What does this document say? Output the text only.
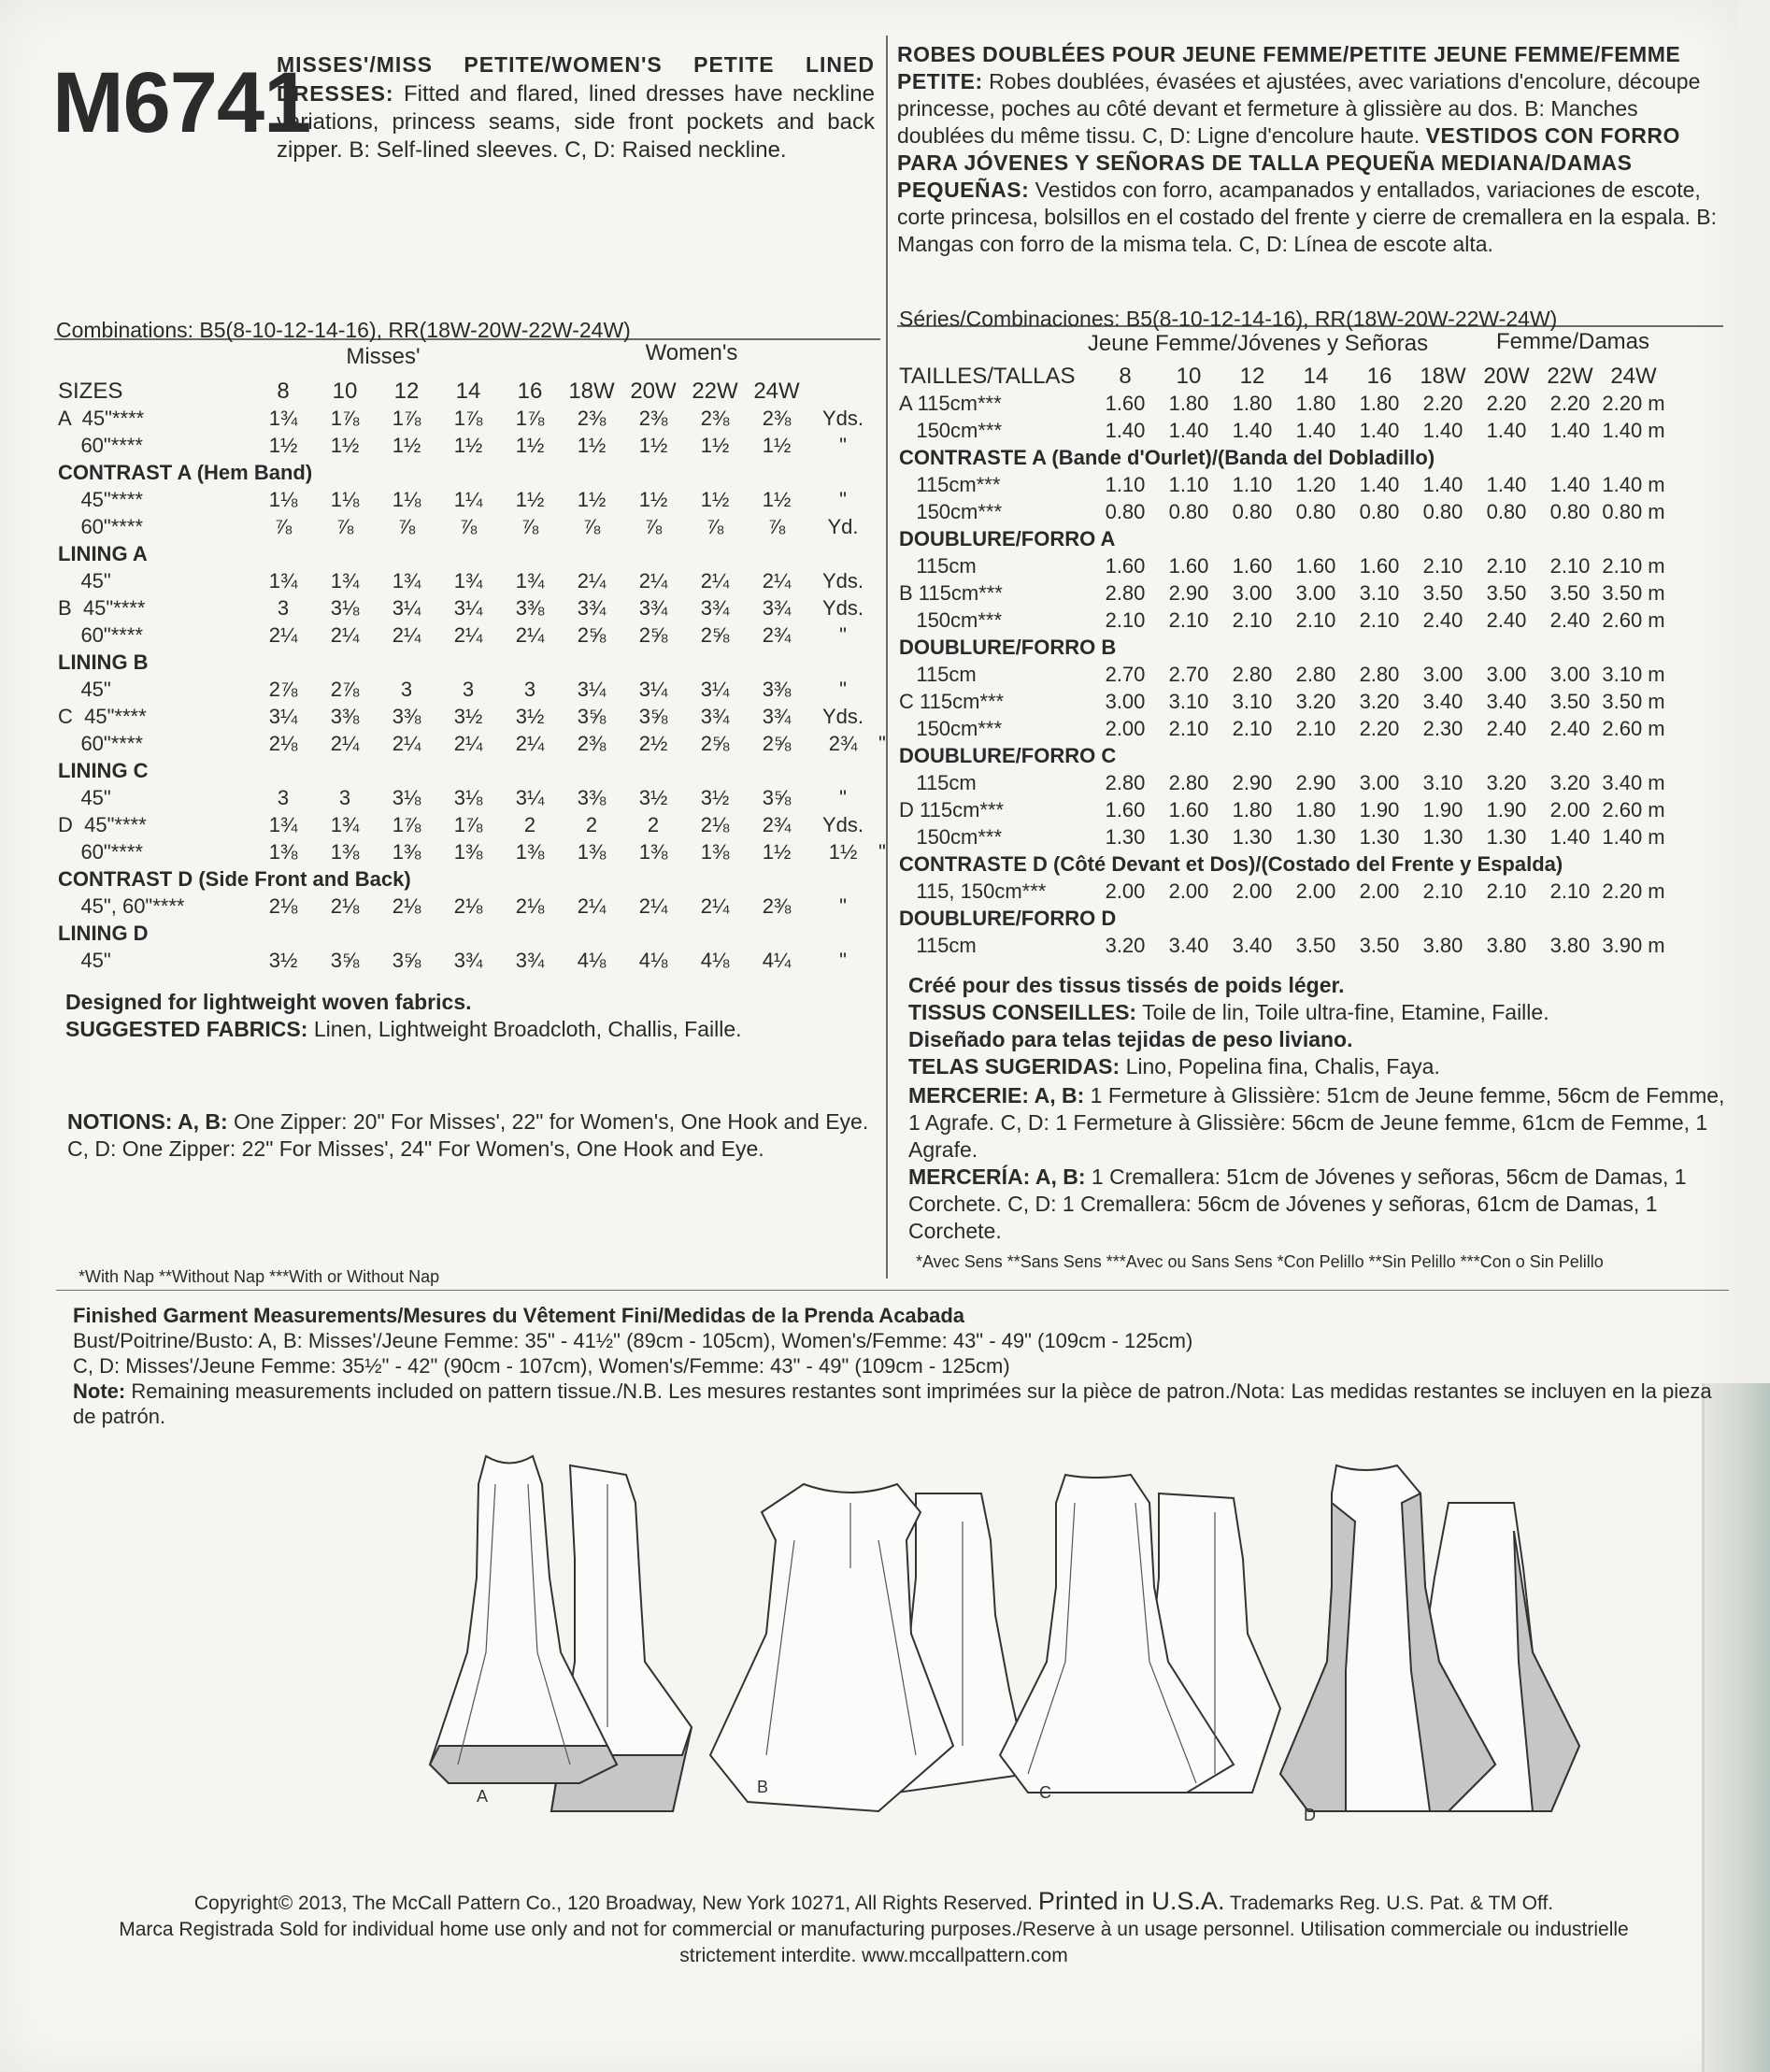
M6741
MISSES'/MISS PETITE/WOMEN'S PETITE LINED DRESSES: Fitted and flared, lined dresses have neckline variations, princess seams, side front pockets and back zipper. B: Self-lined sleeves. C, D: Raised neckline.
ROBES DOUBLÉES POUR JEUNE FEMME/PETITE JEUNE FEMME/FEMME PETITE: Robes doublées, évasées et ajustées, avec variations d'encolure, découpe princesse, poches au côté devant et fermeture à glissière au dos. B: Manches doublées du même tissu. C, D: Ligne d'encolure haute. VESTIDOS CON FORRO PARA JÓVENES Y SEÑORAS DE TALLA PEQUEÑA MEDIANA/DAMAS PEQUEÑAS: Vestidos con forro, acampanados y entallados, variaciones de escote, corte princesa, bolsillos en el costado del frente y cierre de cremallera en la espala. B: Mangas con forro de la misma tela. C, D: Línea de escote alta.
Combinations: B5(8-10-12-14-16), RR(18W-20W-22W-24W)
Misses'	Women's
SIZES	8	10	12	14	16	18W	20W	22W	24W		
A  45"****	1¾	1⅞	1⅞	1⅞	1⅞	2⅜	2⅜	2⅜	2⅜	Yds.	
60"****	1½	1½	1½	1½	1½	1½	1½	1½	1½	"	
CONTRAST A (Hem Band)											
45"****	1⅛	1⅛	1⅛	1¼	1½	1½	1½	1½	1½	"	
60"****	⅞	⅞	⅞	⅞	⅞	⅞	⅞	⅞	⅞	Yd.	
LINING A											
45"	1¾	1¾	1¾	1¾	1¾	2¼	2¼	2¼	2¼	Yds.	
B  45"****	3	3⅛	3¼	3¼	3⅜	3¾	3¾	3¾	3¾	Yds.	
60"****	2¼	2¼	2¼	2¼	2¼	2⅝	2⅝	2⅝	2¾	"	
LINING B											
45"	2⅞	2⅞	3	3	3	3¼	3¼	3¼	3⅜	"	
C  45"****	3¼	3⅜	3⅜	3½	3½	3⅝	3⅝	3¾	3¾	Yds.	
60"****	2⅛	2¼	2¼	2¼	2¼	2⅜	2½	2⅝	2⅝	2¾	"
LINING C											
45"	3	3	3⅛	3⅛	3¼	3⅜	3½	3½	3⅝	"	
D  45"****	1¾	1¾	1⅞	1⅞	2	2	2	2⅛	2¾	Yds.	
60"****	1⅜	1⅜	1⅜	1⅜	1⅜	1⅜	1⅜	1⅜	1½	1½	"
CONTRAST D (Side Front and Back)											
45", 60"****	2⅛	2⅛	2⅛	2⅛	2⅛	2¼	2¼	2¼	2⅜	"	
LINING D											
45"	3½	3⅝	3⅝	3¾	3¾	4⅛	4⅛	4⅛	4¼	"	
Séries/Combinaciones: B5(8-10-12-14-16), RR(18W-20W-22W-24W)
Jeune Femme/Jóvenes y Señoras	Femme/Damas
TAILLES/TALLAS	8	10	12	14	16	18W	20W	22W	24W
A 115cm***	1.60	1.80	1.80	1.80	1.80	2.20	2.20	2.20	2.20 m
150cm***	1.40	1.40	1.40	1.40	1.40	1.40	1.40	1.40	1.40 m
CONTRASTE A (Bande d'Ourlet)/(Banda del Dobladillo)									
115cm***	1.10	1.10	1.10	1.20	1.40	1.40	1.40	1.40	1.40 m
150cm***	0.80	0.80	0.80	0.80	0.80	0.80	0.80	0.80	0.80 m
DOUBLURE/FORRO A									
115cm	1.60	1.60	1.60	1.60	1.60	2.10	2.10	2.10	2.10 m
B 115cm***	2.80	2.90	3.00	3.00	3.10	3.50	3.50	3.50	3.50 m
150cm***	2.10	2.10	2.10	2.10	2.10	2.40	2.40	2.40	2.60 m
DOUBLURE/FORRO B									
115cm	2.70	2.70	2.80	2.80	2.80	3.00	3.00	3.00	3.10 m
C 115cm***	3.00	3.10	3.10	3.20	3.20	3.40	3.40	3.50	3.50 m
150cm***	2.00	2.10	2.10	2.10	2.20	2.30	2.40	2.40	2.60 m
DOUBLURE/FORRO C									
115cm	2.80	2.80	2.90	2.90	3.00	3.10	3.20	3.20	3.40 m
D 115cm***	1.60	1.60	1.80	1.80	1.90	1.90	1.90	2.00	2.60 m
150cm***	1.30	1.30	1.30	1.30	1.30	1.30	1.30	1.40	1.40 m
CONTRASTE D (Côté Devant et Dos)/(Costado del Frente y Espalda)									
115, 150cm***	2.00	2.00	2.00	2.00	2.00	2.10	2.10	2.10	2.20 m
DOUBLURE/FORRO D									
115cm	3.20	3.40	3.40	3.50	3.50	3.80	3.80	3.80	3.90 m
Designed for lightweight woven fabrics.
SUGGESTED FABRICS: Linen, Lightweight Broadcloth, Challis, Faille.
NOTIONS: A, B: One Zipper: 20" For Misses', 22" for Women's, One Hook and Eye. C, D: One Zipper: 22" For Misses', 24" For Women's, One Hook and Eye.
*With Nap **Without Nap ***With or Without Nap
Créé pour des tissus tissés de poids léger.
TISSUS CONSEILLES: Toile de lin, Toile ultra-fine, Etamine, Faille.
Diseñado para telas tejidas de peso liviano.
TELAS SUGERIDAS: Lino, Popelina fina, Chalis, Faya.
MERCERIE: A, B: 1 Fermeture à Glissière: 51cm de Jeune femme, 56cm de Femme, 1 Agrafe. C, D: 1 Fermeture à Glissière: 56cm de Jeune femme, 61cm de Femme, 1 Agrafe.
MERCERÍA: A, B: 1 Cremallera: 51cm de Jóvenes y señoras, 56cm de Damas, 1 Corchete. C, D: 1 Cremallera: 56cm de Jóvenes y señoras, 61cm de Damas, 1 Corchete.
*Avec Sens **Sans Sens ***Avec ou Sans Sens *Con Pelillo **Sin Pelillo ***Con o Sin Pelillo
Finished Garment Measurements/Mesures du Vêtement Fini/Medidas de la Prenda Acabada
Bust/Poitrine/Busto: A, B: Misses'/Jeune Femme: 35" - 41½" (89cm - 105cm), Women's/Femme: 43" - 49" (109cm - 125cm)
C, D: Misses'/Jeune Femme: 35½" - 42" (90cm - 107cm), Women's/Femme: 43" - 49" (109cm - 125cm)
Note: Remaining measurements included on pattern tissue./N.B. Les mesures restantes sont imprimées sur la pièce de patron./Nota: Las medidas restantes se incluyen en la pieza de patrón.
A	B	C
D
Copyright© 2013, The McCall Pattern Co., 120 Broadway, New York 10271, All Rights Reserved. Printed in U.S.A. Trademarks Reg. U.S. Pat. & TM Off.
Marca Registrada Sold for individual home use only and not for commercial or manufacturing purposes./Reserve à un usage personnel. Utilisation commerciale ou industrielle strictement interdite. www.mccallpattern.com
